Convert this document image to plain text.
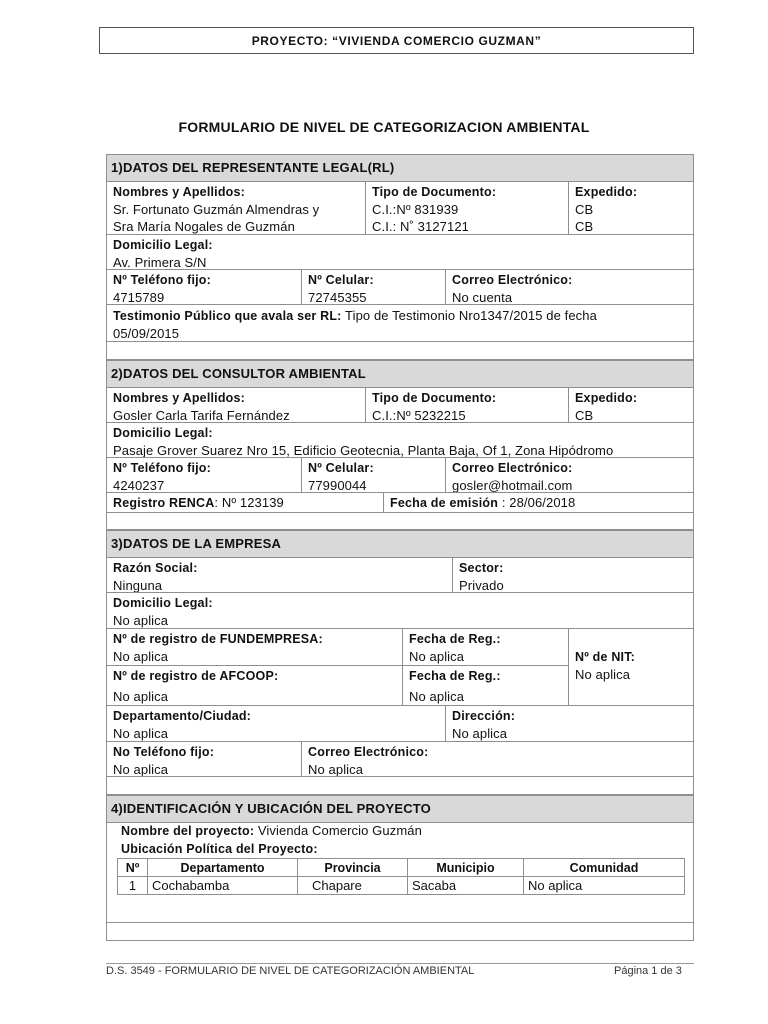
PROYECTO: “VIVIENDA COMERCIO GUZMAN”
FORMULARIO DE NIVEL DE CATEGORIZACION AMBIENTAL
1)DATOS DEL REPRESENTANTE LEGAL(RL)
Nombres y Apellidos:
Sr. Fortunato Guzmán Almendras y
Sra María Nogales de Guzmán
Tipo de Documento:
C.I.:Nº 831939
C.I.: N˚ 3127121
Expedido:
CB
CB
Domicilio Legal:
Av. Primera S/N
Nº Teléfono fijo:
4715789
Nº Celular:
72745355
Correo Electrónico:
No cuenta
Testimonio Público que avala ser RL: Tipo de Testimonio Nro1347/2015 de fecha
05/09/2015
2)DATOS DEL CONSULTOR AMBIENTAL
Nombres y Apellidos:
Gosler Carla Tarifa Fernández
Tipo de Documento:
C.I.:Nº 5232215
Expedido:
CB
Domicilio Legal:
Pasaje Grover Suarez Nro 15, Edificio Geotecnia, Planta Baja, Of 1, Zona Hipódromo
Nº Teléfono fijo:
4240237
Nº Celular:
77990044
Correo Electrónico:
gosler@hotmail.com
Registro RENCA: Nº 123139	Fecha de emisión : 28/06/2018
3)DATOS DE LA EMPRESA
Razón Social:
Ninguna
Sector:
Privado
Domicilio Legal:
No aplica
Nº de registro de FUNDEMPRESA:
No aplica
Fecha de Reg.:
No aplica
Nº de registro de AFCOOP:
No aplica
Fecha de Reg.:
No aplica
Nº de NIT:
No aplica
Departamento/Ciudad:
No aplica
Dirección:
No aplica
No Teléfono fijo:
No aplica
Correo Electrónico:
No aplica
4)IDENTIFICACIÓN Y UBICACIÓN DEL PROYECTO
Nombre del proyecto: Vivienda Comercio Guzmán
Ubicación Política del Proyecto:
Nº	Departamento	Provincia	Municipio	Comunidad
1	Cochabamba	Chapare	Sacaba	No aplica
D.S. 3549 - FORMULARIO DE NIVEL DE CATEGORIZACIÓN AMBIENTAL	Página 1 de 3
